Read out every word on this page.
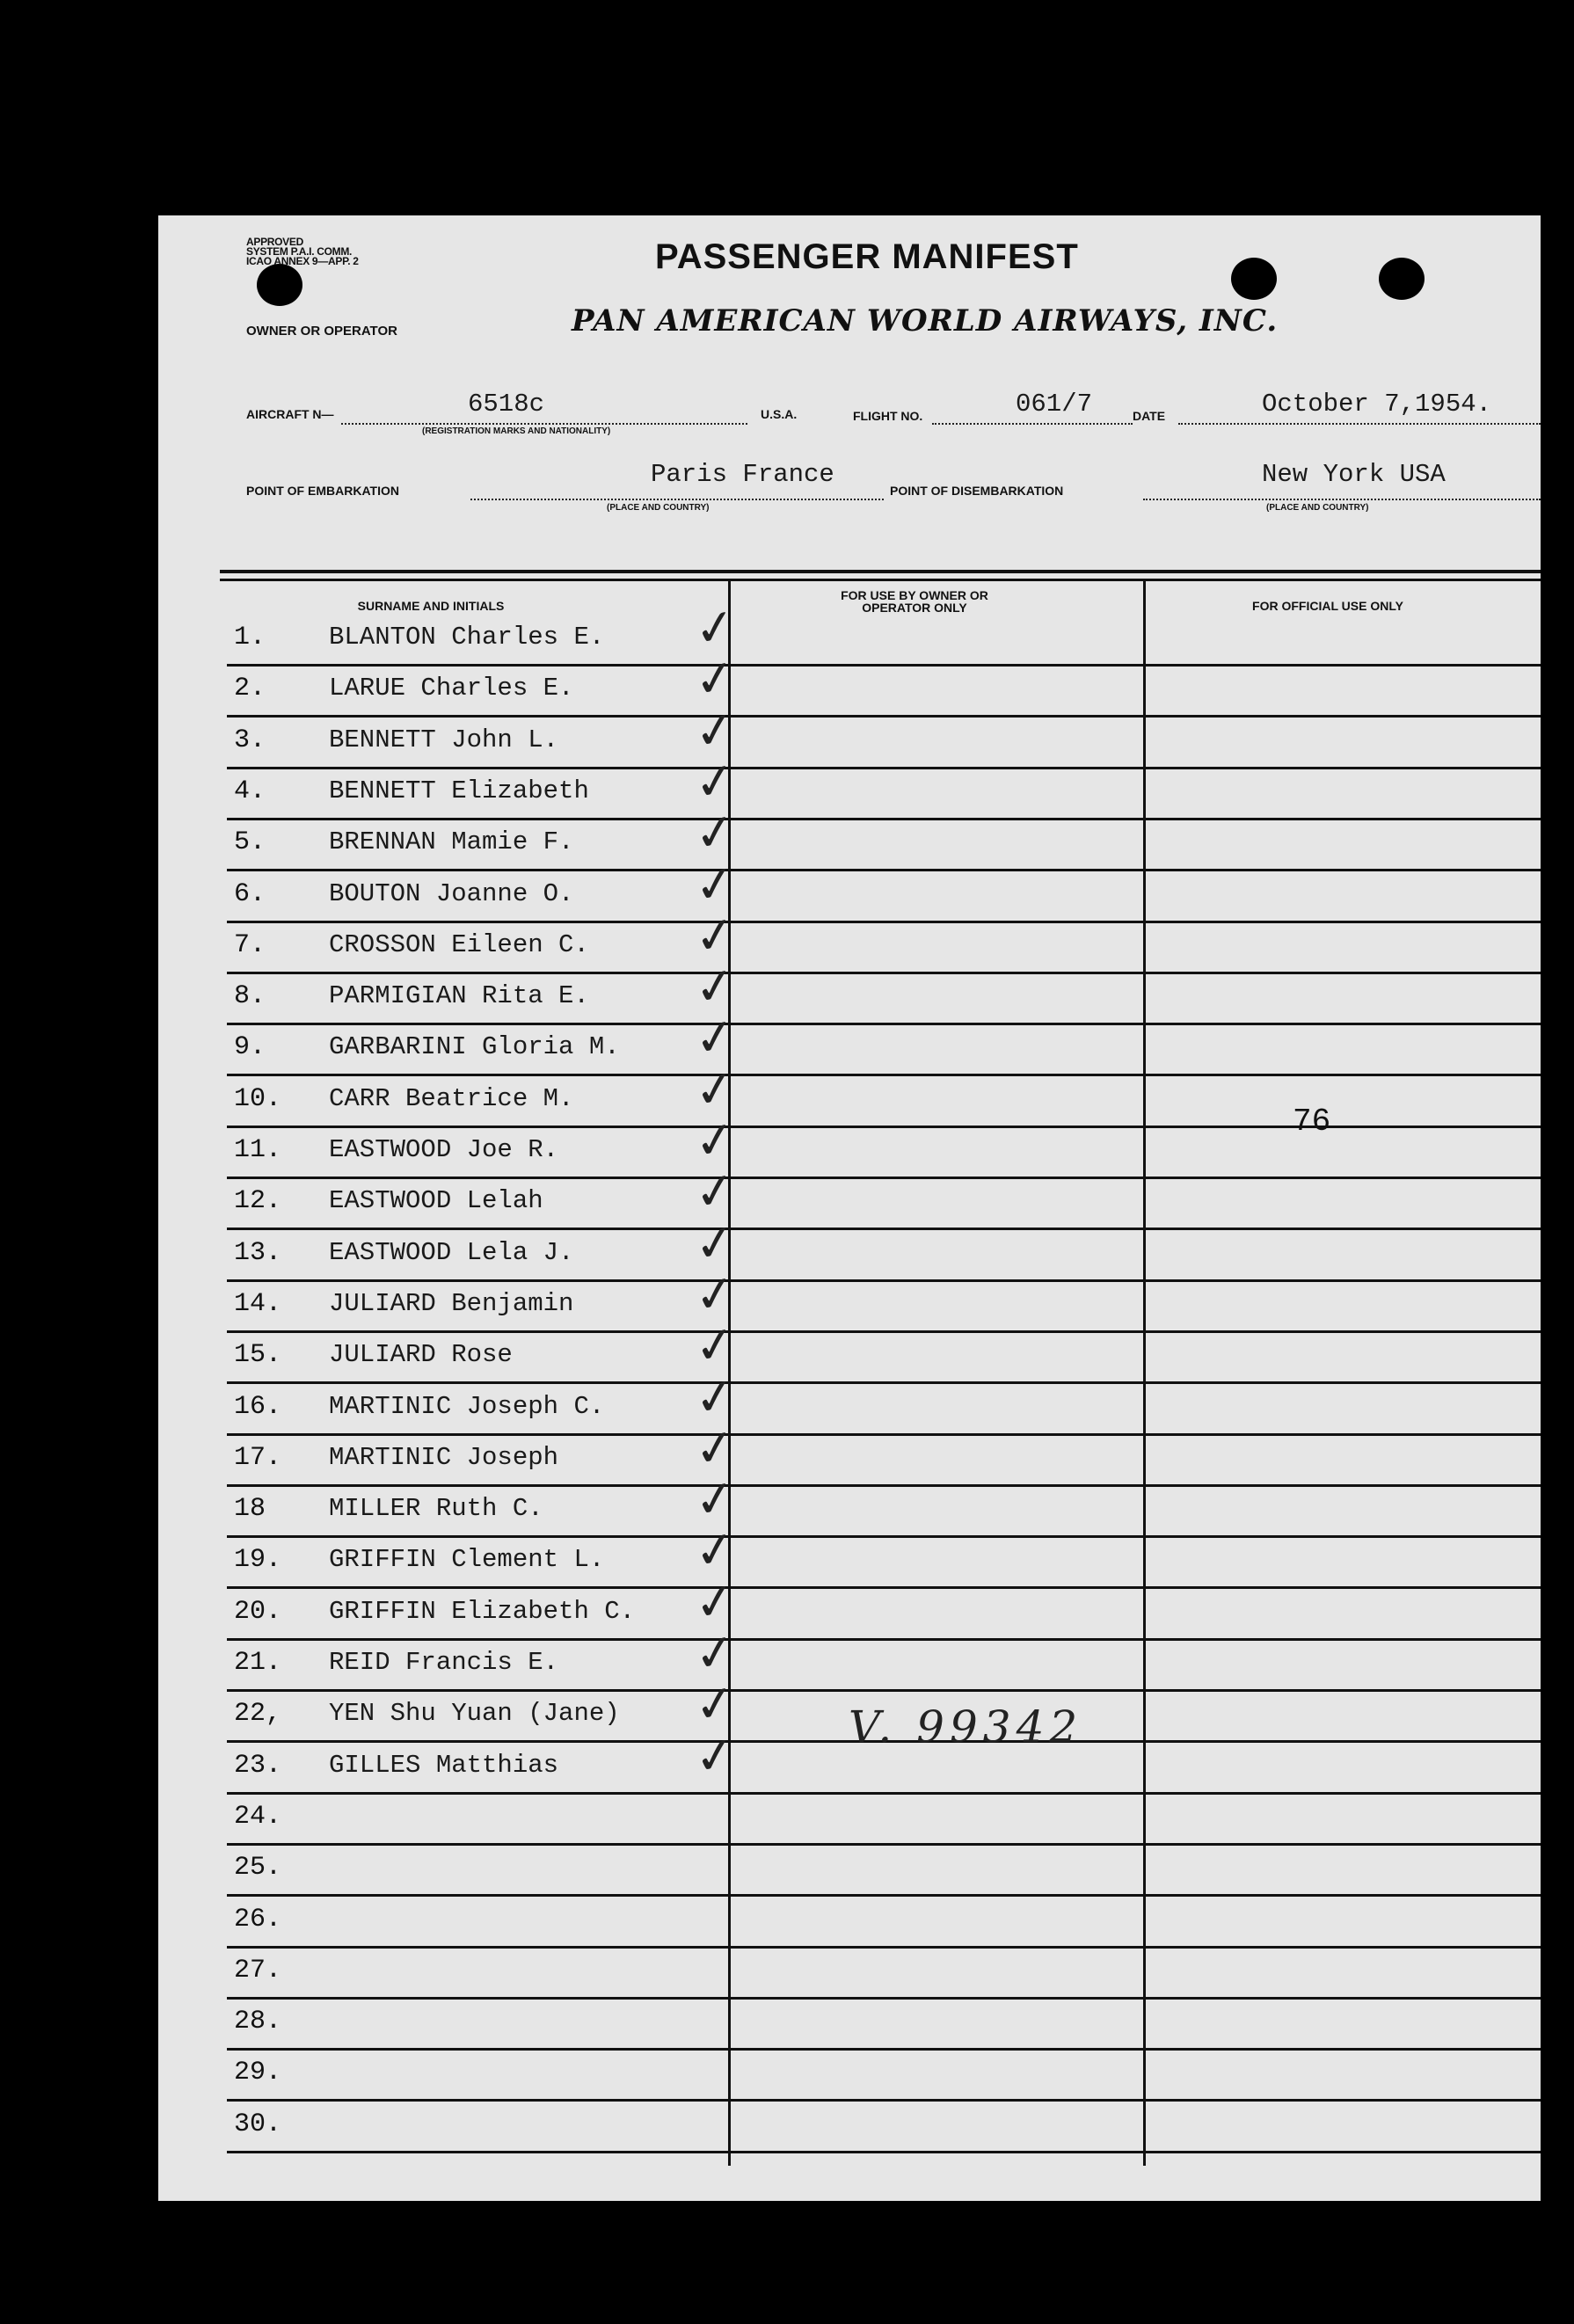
APPROVED
SYSTEM P.A.I. COMM.
ICAO ANNEX 9—APP. 2
OWNER OR OPERATOR
PASSENGER MANIFEST
PAN AMERICAN WORLD AIRWAYS, INC.
AIRCRAFT N—	6518c
(REGISTRATION MARKS AND NATIONALITY)
U.S.A.	FLIGHT NO.	061/7	DATE	October 7,1954.
POINT OF EMBARKATION
Paris France
(PLACE AND COUNTRY)
POINT OF DISEMBARKATION
New York USA
(PLACE AND COUNTRY)
SURNAME AND INITIALS
FOR USE BY OWNER OR OPERATOR ONLY	FOR OFFICIAL USE ONLY
1. BLANTON Charles E. ✓
2. LARUE Charles E. ✓
3. BENNETT John L.	✓
4. BENNETT Elizabeth ✓
5. BRENNAN Mamie F. ✓
6. BOUTON Joanne O. ✓
7. CROSSON Eileen C. ✓
8. PARMIGIAN Rita E. ✓
9. GARBARINI Gloria M. ✓
10. CARR Beatrice M. ✓
11. EASTWOOD Joe R.	✓
12. EASTWOOD Lelah	✓
13. EASTWOOD Lela J. ✓
14. JULIARD Benjamin ✓
15. JULIARD Rose	✓
16. MARTINIC Joseph C. ✓
17. MARTINIC Joseph	✓
18 MILLER Ruth C.	✓
19. GRIFFIN Clement L. ✓
20. GRIFFIN Elizabeth C. ✓
21. REID Francis E.	✓
22, YEN Shu Yuan (Jane) ✓
23. GILLES Matthias	✓
24.
25.
26.
27.
28.
29.
30.
V. 99342
76
